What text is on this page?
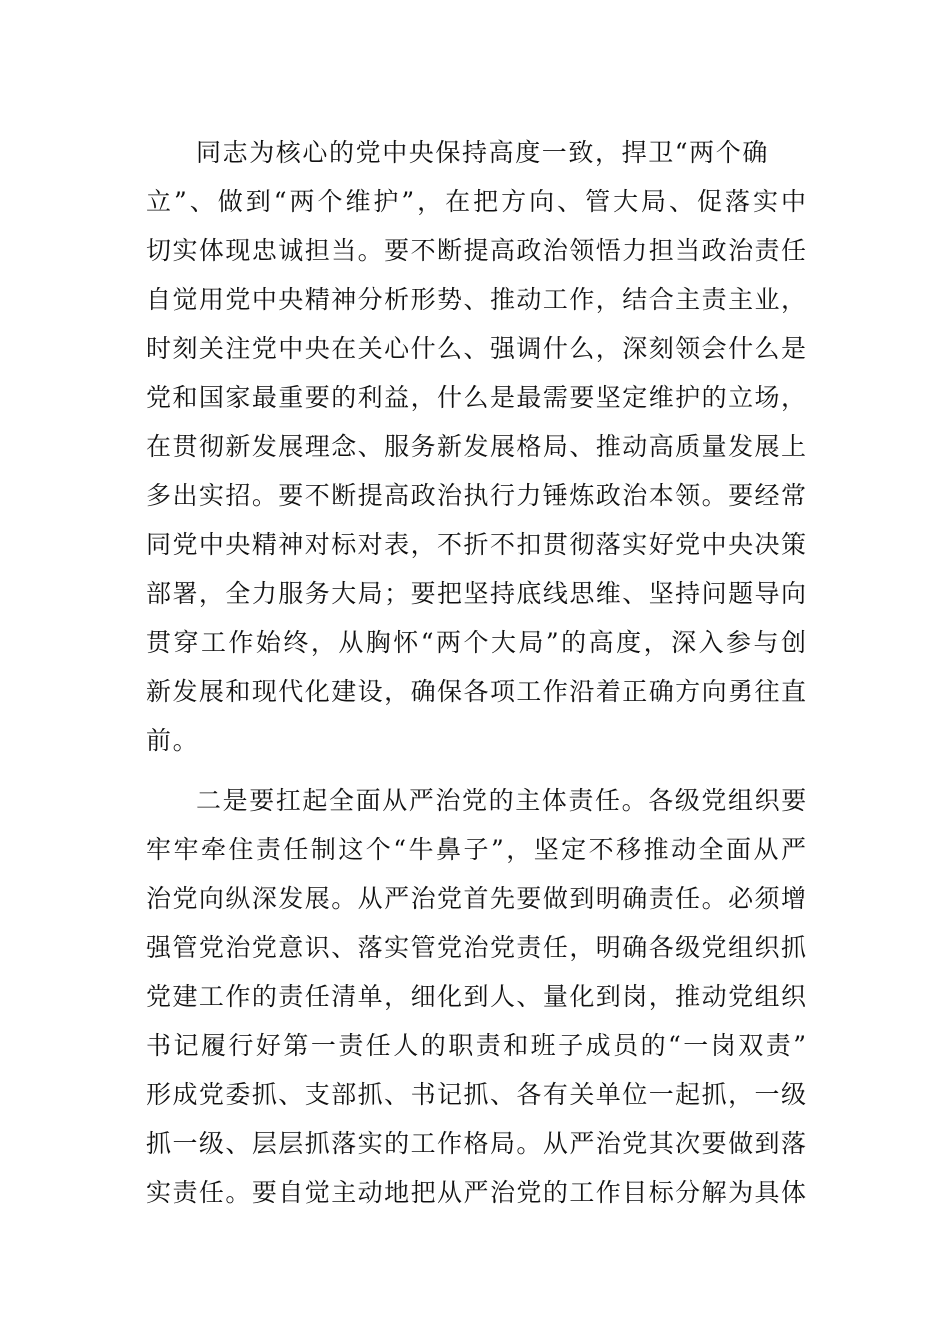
同志为核心的党中央保持高度一致，捍卫“两个确
立”、做到“两个维护”，在把方向、管大局、促落实中
切实体现忠诚担当。要不断提高政治领悟力担当政治责任
自觉用党中央精神分析形势、推动工作，结合主责主业，
时刻关注党中央在关心什么、强调什么，深刻领会什么是
党和国家最重要的利益，什么是最需要坚定维护的立场，
在贯彻新发展理念、服务新发展格局、推动高质量发展上
多出实招。要不断提高政治执行力锤炼政治本领。要经常
同党中央精神对标对表，不折不扣贯彻落实好党中央决策
部署，全力服务大局；要把坚持底线思维、坚持问题导向
贯穿工作始终，从胸怀“两个大局”的高度，深入参与创
新发展和现代化建设，确保各项工作沿着正确方向勇往直
前。
二是要扛起全面从严治党的主体责任。各级党组织要
牢牢牵住责任制这个“牛鼻子”，坚定不移推动全面从严
治党向纵深发展。从严治党首先要做到明确责任。必须增
强管党治党意识、落实管党治党责任，明确各级党组织抓
党建工作的责任清单，细化到人、量化到岗，推动党组织
书记履行好第一责任人的职责和班子成员的“一岗双责”
形成党委抓、支部抓、书记抓、各有关单位一起抓，一级
抓一级、层层抓落实的工作格局。从严治党其次要做到落
实责任。要自觉主动地把从严治党的工作目标分解为具体
